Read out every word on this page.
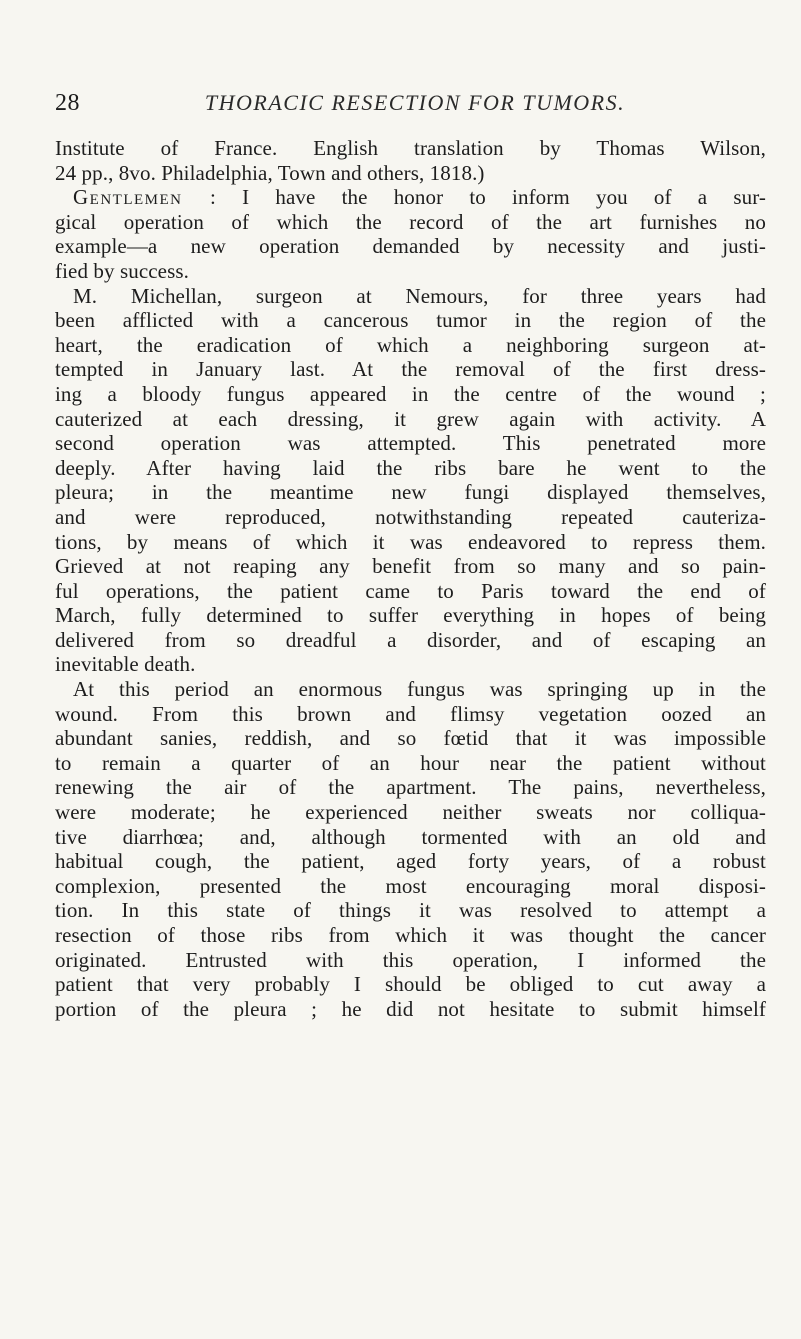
28	THORACIC RESECTION FOR TUMORS.
Institute of France. English translation by Thomas Wilson,
24 pp., 8vo. Philadelphia, Town and others, 1818.)
Gentlemen : I have the honor to inform you of a sur-
gical operation of which the record of the art furnishes no
example—a new operation demanded by necessity and justi-
fied by success.
M. Michellan, surgeon at Nemours, for three years had
been afflicted with a cancerous tumor in the region of the
heart, the eradication of which a neighboring surgeon at-
tempted in January last. At the removal of the first dress-
ing a bloody fungus appeared in the centre of the wound ;
cauterized at each dressing, it grew again with activity. A
second operation was attempted. This penetrated more
deeply. After having laid the ribs bare he went to the
pleura; in the meantime new fungi displayed themselves,
and were reproduced, notwithstanding repeated cauteriza-
tions, by means of which it was endeavored to repress them.
Grieved at not reaping any benefit from so many and so pain-
ful operations, the patient came to Paris toward the end of
March, fully determined to suffer everything in hopes of being
delivered from so dreadful a disorder, and of escaping an
inevitable death.
At this period an enormous fungus was springing up in the
wound. From this brown and flimsy vegetation oozed an
abundant sanies, reddish, and so fœtid that it was impossible
to remain a quarter of an hour near the patient without
renewing the air of the apartment. The pains, nevertheless,
were moderate; he experienced neither sweats nor colliqua-
tive diarrhœa; and, although tormented with an old and
habitual cough, the patient, aged forty years, of a robust
complexion, presented the most encouraging moral disposi-
tion. In this state of things it was resolved to attempt a
resection of those ribs from which it was thought the cancer
originated. Entrusted with this operation, I informed the
patient that very probably I should be obliged to cut away a
portion of the pleura ; he did not hesitate to submit himself
